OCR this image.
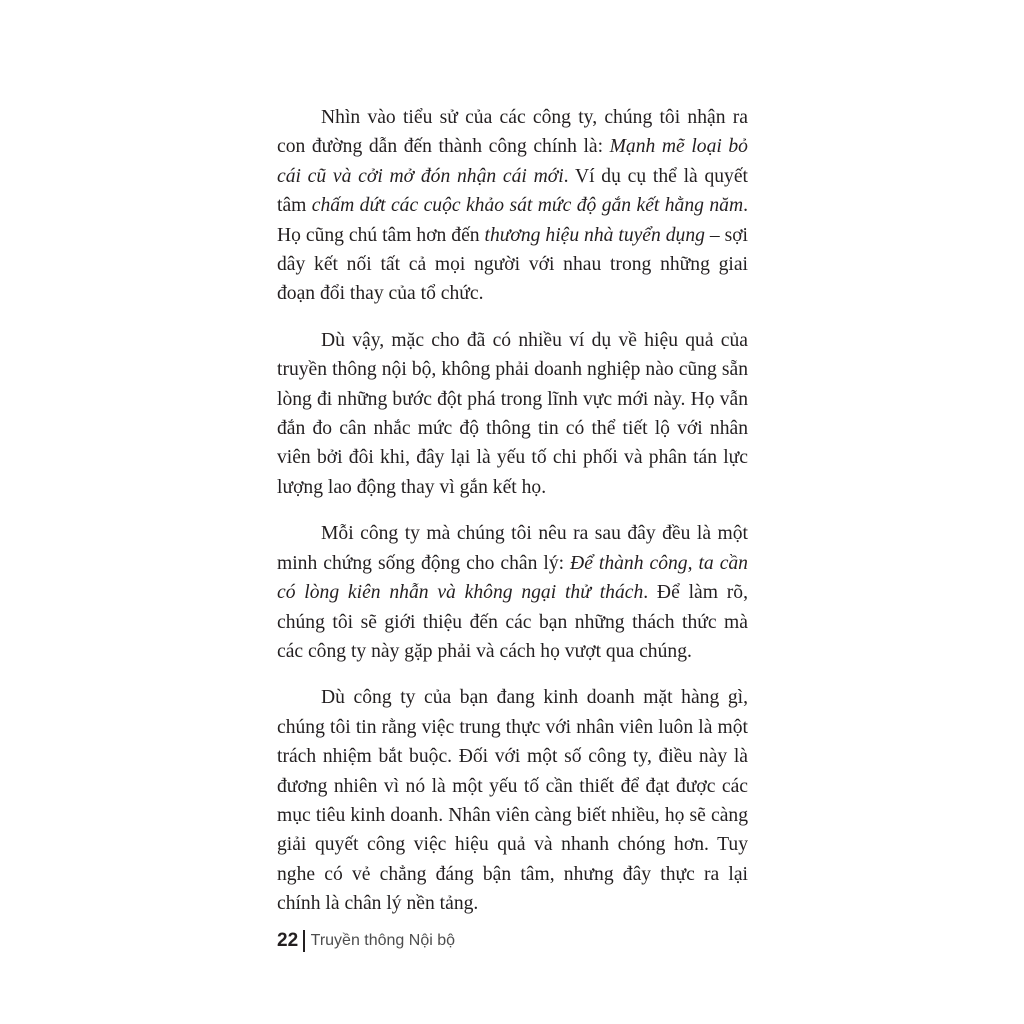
Nhìn vào tiểu sử của các công ty, chúng tôi nhận ra con đường dẫn đến thành công chính là: Mạnh mẽ loại bỏ cái cũ và cởi mở đón nhận cái mới. Ví dụ cụ thể là quyết tâm chấm dứt các cuộc khảo sát mức độ gắn kết hằng năm. Họ cũng chú tâm hơn đến thương hiệu nhà tuyển dụng – sợi dây kết nối tất cả mọi người với nhau trong những giai đoạn đổi thay của tổ chức.

Dù vậy, mặc cho đã có nhiều ví dụ về hiệu quả của truyền thông nội bộ, không phải doanh nghiệp nào cũng sẵn lòng đi những bước đột phá trong lĩnh vực mới này. Họ vẫn đắn đo cân nhắc mức độ thông tin có thể tiết lộ với nhân viên bởi đôi khi, đây lại là yếu tố chi phối và phân tán lực lượng lao động thay vì gắn kết họ.

Mỗi công ty mà chúng tôi nêu ra sau đây đều là một minh chứng sống động cho chân lý: Để thành công, ta cần có lòng kiên nhẫn và không ngại thử thách. Để làm rõ, chúng tôi sẽ giới thiệu đến các bạn những thách thức mà các công ty này gặp phải và cách họ vượt qua chúng.

Dù công ty của bạn đang kinh doanh mặt hàng gì, chúng tôi tin rằng việc trung thực với nhân viên luôn là một trách nhiệm bắt buộc. Đối với một số công ty, điều này là đương nhiên vì nó là một yếu tố cần thiết để đạt được các mục tiêu kinh doanh. Nhân viên càng biết nhiều, họ sẽ càng giải quyết công việc hiệu quả và nhanh chóng hơn. Tuy nghe có vẻ chẳng đáng bận tâm, nhưng đây thực ra lại chính là chân lý nền tảng.

22 Truyền thông Nội bộ
